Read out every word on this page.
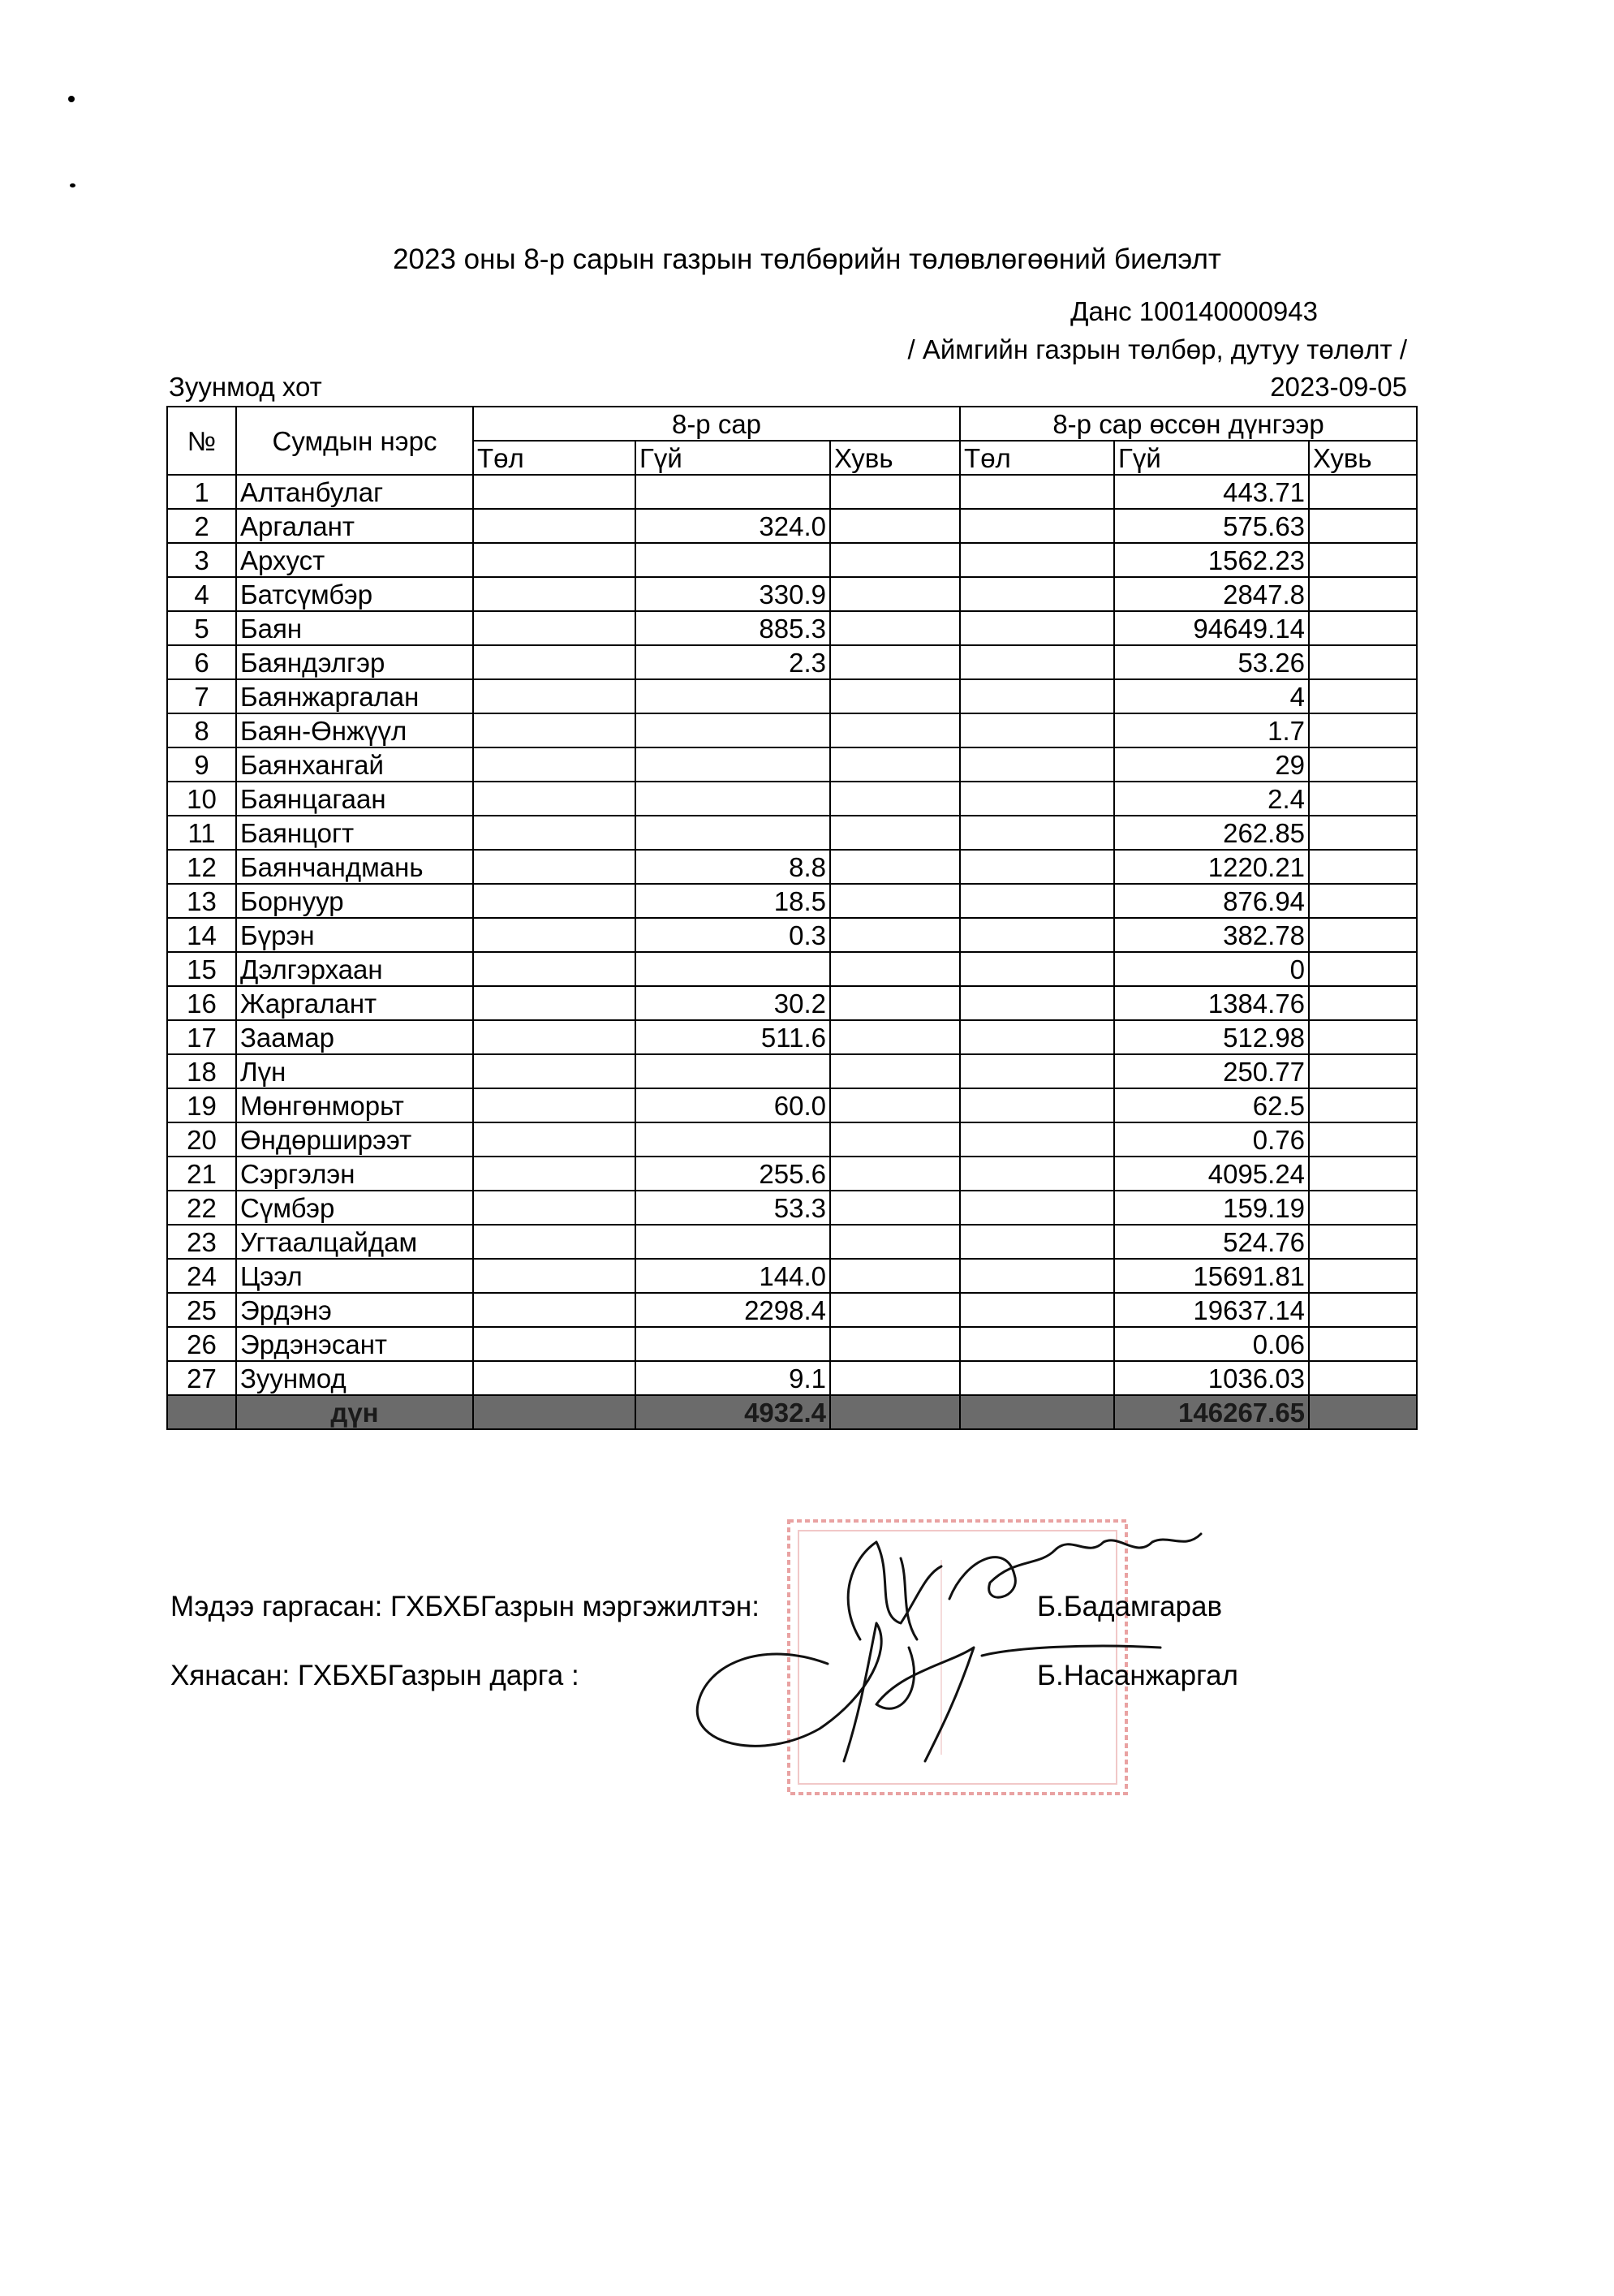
2023 оны 8-р сарын газрын төлбөрийн төлөвлөгөөний биелэлт
Данс 100140000943
/ Аймгийн газрын төлбөр, дутуу төлөлт /
Зуунмод хот	2023-09-05
№	Сумдын нэрс	8-р сар			8-р сар өссөн дүнгээр		
		Төл	Гүй	Хувь	Төл	Гүй	Хувь
1	Алтанбулаг					443.71	
2	Аргалант		324.0			575.63	
3	Архуст					1562.23	
4	Батсүмбэр		330.9			2847.8	
5	Баян		885.3			94649.14	
6	Баяндэлгэр		2.3			53.26	
7	Баянжаргалан					4	
8	Баян-Өнжүүл					1.7	
9	Баянхангай					29	
10	Баянцагаан					2.4	
11	Баянцогт					262.85	
12	Баянчандмань		8.8			1220.21	
13	Борнуур		18.5			876.94	
14	Бүрэн		0.3			382.78	
15	Дэлгэрхаан					0	
16	Жаргалант		30.2			1384.76	
17	Заамар		511.6			512.98	
18	Лүн					250.77	
19	Мөнгөнморьт		60.0			62.5	
20	Өндөрширээт					0.76	
21	Сэргэлэн		255.6			4095.24	
22	Сүмбэр		53.3			159.19	
23	Угтаалцайдам					524.76	
24	Цээл		144.0			15691.81	
25	Эрдэнэ		2298.4			19637.14	
26	Эрдэнэсант					0.06	
27	Зуунмод		9.1			1036.03	
	дүн		4932.4			146267.65	
Мэдээ гаргасан: ГХБХБГазрын мэргэжилтэн:	Б.Бадамгарав
Хянасан: ГХБХБГазрын дарга :	Б.Насанжаргал
